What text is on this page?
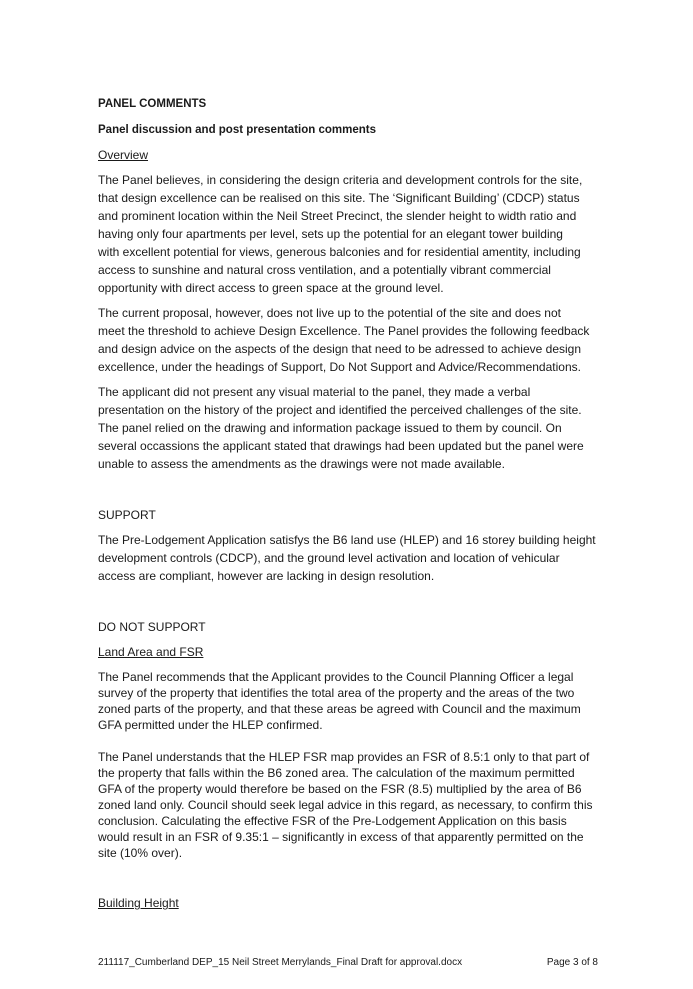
PANEL COMMENTS

Panel discussion and post presentation comments

Overview

The Panel believes, in considering the design criteria and development controls for the site,
that design excellence can be realised on this site. The ‘Significant Building’ (CDCP) status
and prominent location within the Neil Street Precinct, the slender height to width ratio and
having only four apartments per level, sets up the potential for an elegant tower building
with excellent potential for views, generous balconies and for residential amentity, including
access to sunshine and natural cross ventilation, and a potentially vibrant commercial
opportunity with direct access to green space at the ground level.
The current proposal, however, does not live up to the potential of the site and does not
meet the threshold to achieve Design Excellence. The Panel provides the following feedback
and design advice on the aspects of the design that need to be adressed to achieve design
excellence, under the headings of Support, Do Not Support and Advice/Recommendations.
The applicant did not present any visual material to the panel, they made a verbal
presentation on the history of the project and identified the perceived challenges of the site.
The panel relied on the drawing and information package issued to them by council. On
several occassions the applicant stated that drawings had been updated but the panel were
unable to assess the amendments as the drawings were not made available.

SUPPORT

The Pre-Lodgement Application satisfys the B6 land use (HLEP) and 16 storey building height
development controls (CDCP), and the ground level activation and location of vehicular
access are compliant, however are lacking in design resolution.

DO NOT SUPPORT

Land Area and FSR

The Panel recommends that the Applicant provides to the Council Planning Officer a legal
survey of the property that identifies the total area of the property and the areas of the two
zoned parts of the property, and that these areas be agreed with Council and the maximum
GFA permitted under the HLEP confirmed.
The Panel understands that the HLEP FSR map provides an FSR of 8.5:1 only to that part of
the property that falls within the B6 zoned area. The calculation of the maximum permitted
GFA of the property would therefore be based on the FSR (8.5) multiplied by the area of B6
zoned land only. Council should seek legal advice in this regard, as necessary, to confirm this
conclusion. Calculating the effective FSR of the Pre-Lodgement Application on this basis
would result in an FSR of 9.35:1 – significantly in excess of that apparently permitted on the
site (10% over).

Building Height

211117_Cumberland DEP_15 Neil Street Merrylands_Final Draft for approval.docx	Page 3 of 8
